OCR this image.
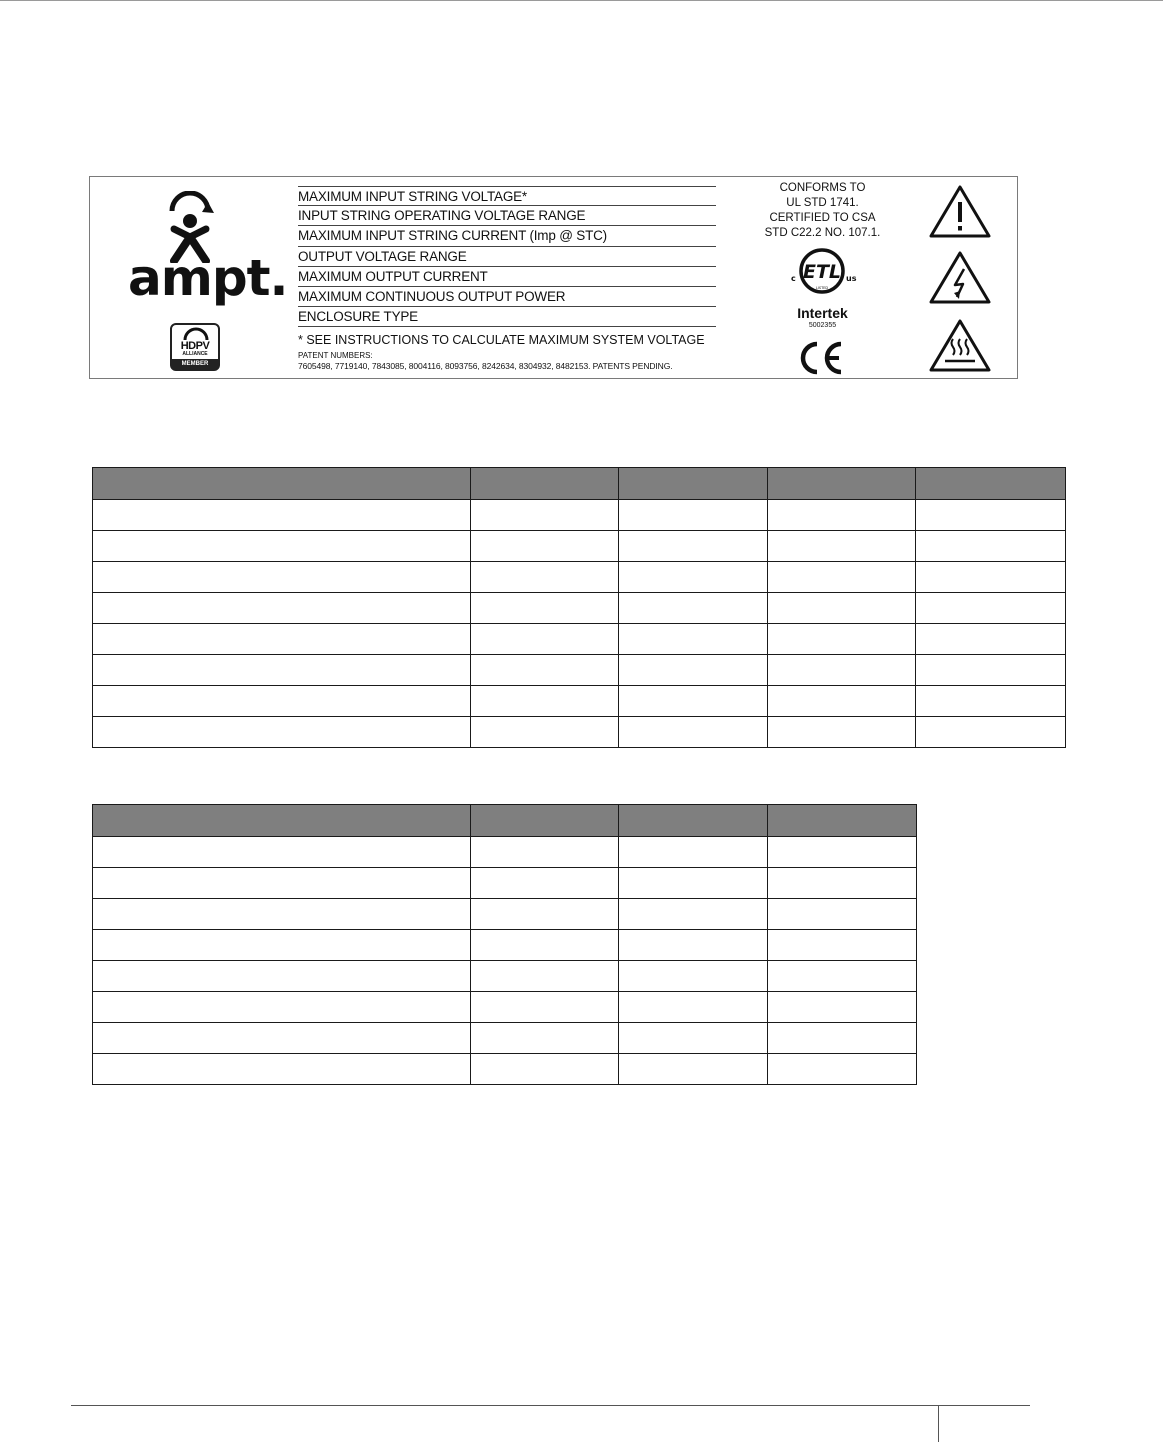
ampt.
HDPV
ALLIANCE
MEMBER
MAXIMUM INPUT STRING VOLTAGE*
INPUT STRING OPERATING VOLTAGE RANGE
MAXIMUM INPUT STRING CURRENT (Imp @ STC)
OUTPUT VOLTAGE RANGE
MAXIMUM OUTPUT CURRENT
MAXIMUM CONTINUOUS OUTPUT POWER
ENCLOSURE TYPE
* SEE INSTRUCTIONS TO CALCULATE MAXIMUM SYSTEM VOLTAGE
PATENT NUMBERS:
7605498, 7719140, 7843085, 8004116, 8093756, 8242634, 8304932, 8482153. PATENTS PENDING.
CONFORMS TO
UL STD 1741.
CERTIFIED TO CSA
STD C22.2 NO. 107.1.
ETL
c	us
LISTED
Intertek
5002355
